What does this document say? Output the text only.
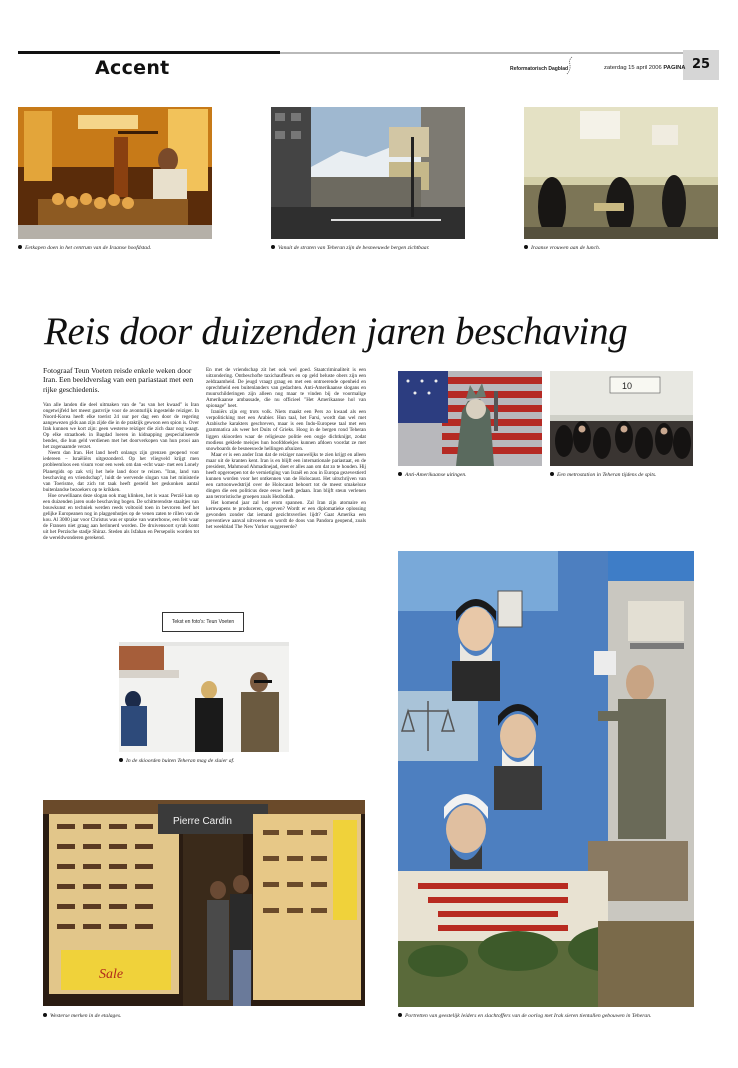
Accent	Reformatorisch Dagblad	zaterdag 15 april 2006 PAGINA 25
Eetkapen doen in het centrum van de Iraanse hoofdstad.	Vanuit de straten van Teheran zijn de besneeuwde bergen zichtbaar.	Iraanse vrouwen aan de lunch.
Reis door duizenden jaren beschaving
Fotograaf Teun Voeten reisde enkele weken door Iran. Een beeldverslag van een pariastaat met een rijke geschiedenis.

Van alle landen die deel uitmaken van de "as van het kwaad" is Iran ongetwijfeld het meest gastvrije voor de avonturlijk ingestelde reiziger. In Noord-Korea heeft elke toerist 24 uur per dag een door de regering aangewezen gids aan zijn zijde die in de praktijk gewoon een spion is. Over Irak kunnen we kort zijn: geen westerse reiziger die zich daar nog waagt. Op elke straathoek in Bagdad loeren in kidnapping gespecialiseerde bendes, die hun geld verdienen met het doorverkopen van hun prooi aan het zogenaamde verzet.

Neem dan Iran. Het land heeft onlangs zijn grenzen geopend voor iedereen – Israëliërs uitgezonderd. Op het vliegveld krijgt men probleemloos een visum voor een week om dan -echt waar- met een Lonely Planetgids op zak vrij het hele land door te reizen. "Iran, land van beschaving en vriendschap", luidt de wervende slogan van het ministerie van Toerisme, dat zich tot taak heeft gesteld het geskonken aantal buitenlandse bezoekers op te krikken.

Hoe orwelliaans deze slogan ook mag klinken, het is waar. Perzië kan op een duizenden jaren oude beschaving bogen. De schitterendste staaltjes van bouwkunst en techniek werden reeds voltooid toen in bevroren leef het gelijke Europeanen nog in plaggenhutjes op de venen zaten te rillen van de kou. Al 3000 jaar voor Christus was er sprake van waterbouw, een feit waar de Fransen niet graag aan herinnerd worden. De druivensoort syrah komt uit het Perzische stadje Shiraz. Steden als Isfahan en Persepolis worden tot de wereldwonderen gerekend.

En met de vriendschap zit het ook wel goed. Staatcriminaliteit is een uitzondering. Ontbeschofte taxichauffeurs en op geld beluste obers zijn een zeldzaamheid. De jeugd vraagt graag en met een ontroerende openheid en oprechtheid een buitenlanders van gedachten. Anti-Amerikaanse slogans en muurschilderingen zijn alleen nog maar te vinden bij de voormalige Amerikaanse ambassade, die nu officieel "Het Amerikaanse hol van spionage" heet.

Iraniërs zijn erg trots volk. Niets maakt een Pers zo kwaad als een verpoliticking met een Arabier. Hun taal, het Farsi, wordt dan wel met Arabische karakters geschreven, maar is een Indo-Europese taal met een grammatica als weer het Duits of Grieks. Hoog in de bergen rond Teheran liggen skioorden waar de religieuze politie een oogje dichtknijpt, zodat modieus geklede meisjes hun hoofddoekjes kunnen afdoen voordat ze met snowboards de besneeuwde hellingen afsuizen.

Maar er is een ander Iran dat de reiziger nauwelijks te zien krijgt en alleen maar uit de kranten kent. Iran is en blijft een internationale pariastaat, en de president, Mahmoud Ahmadinejad, doet er alles aan om dat zo te houden. Hij heeft opgeroepen tot de vernietiging van Israël en zou in Europa gezevestierd kunnen worden voor het ontkennen van de Holocaust. Het uitschrijven van een cartoonwedstrijd over de Holocaust behoort tot de meest smakeloze dingen die een politicus deze eeuw heeft gedaan. Iran blijft steun verlenen aan terroristische groepen zoals Hezbollah.

Het komend jaar zal het erom spannen. Zal Iran zijn atomaire en kernwapens te produceren, opgeven? Wordt er een diplomatieke oplossing gevonden zonder dat iemand gezichtsverlies lijdt? Gaat Amerika een preventieve aanval uitvoeren en wordt de doos van Pandora geopend, zoals het weekblad The New Yorker suggereerde?

Tekst en foto's: Teun Voeten
10
Anti-Amerikaanse uitingen.	Een metrostation in Teheran tijdens de spits.
In de skioorden buiten Teheran mag de sluier af.
Sale
Pierre Cardin
Westerse merken in de etalages.	Portretten van geestelijk leiders en slachtoffers van de oorlog met Irak sieren tientallen gebouwen in Teheran.
